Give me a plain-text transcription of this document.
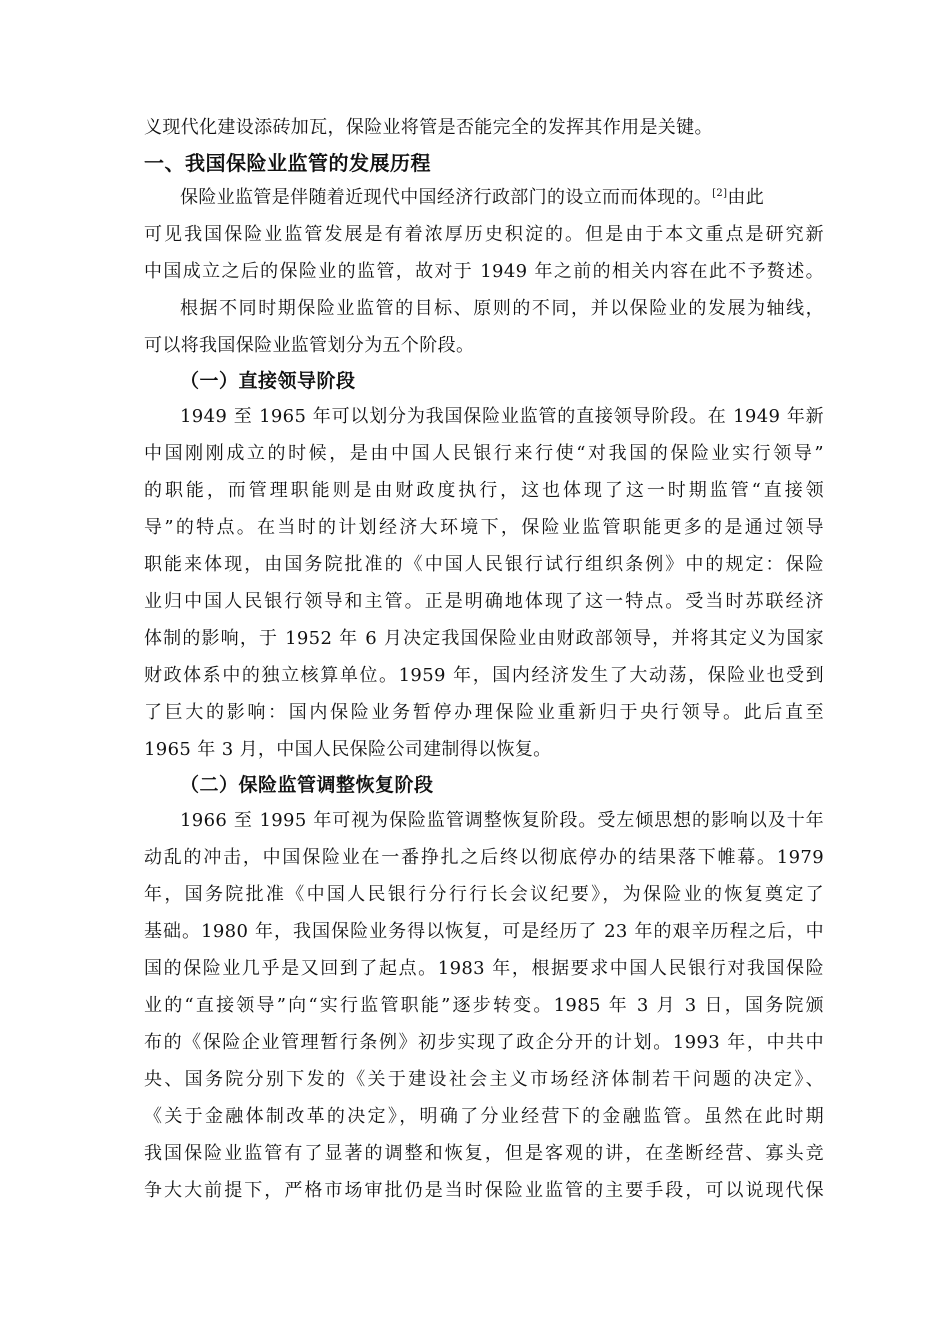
义现代化建设添砖加瓦，保险业将管是否能完全的发挥其作用是关键。
一、我国保险业监管的发展历程
保险业监管是伴随着近现代中国经济行政部门的设立而而体现的。[2]由此
可见我国保险业监管发展是有着浓厚历史积淀的。但是由于本文重点是研究新
中国成立之后的保险业的监管，故对于 1949 年之前的相关内容在此不予赘述。
根据不同时期保险业监管的目标、原则的不同，并以保险业的发展为轴线，
可以将我国保险业监管划分为五个阶段。
（一）直接领导阶段
1949 至 1965 年可以划分为我国保险业监管的直接领导阶段。在 1949 年新
中国刚刚成立的时候，是由中国人民银行来行使“对我国的保险业实行领导”
的职能，而管理职能则是由财政度执行，这也体现了这一时期监管“直接领
导”的特点。在当时的计划经济大环境下，保险业监管职能更多的是通过领导
职能来体现，由国务院批准的《中国人民银行试行组织条例》中的规定：保险
业归中国人民银行领导和主管。正是明确地体现了这一特点。受当时苏联经济
体制的影响，于 1952 年 6 月决定我国保险业由财政部领导，并将其定义为国家
财政体系中的独立核算单位。1959 年，国内经济发生了大动荡，保险业也受到
了巨大的影响：国内保险业务暂停办理保险业重新归于央行领导。此后直至
1965 年 3 月，中国人民保险公司建制得以恢复。
（二）保险监管调整恢复阶段
1966 至 1995 年可视为保险监管调整恢复阶段。受左倾思想的影响以及十年
动乱的冲击，中国保险业在一番挣扎之后终以彻底停办的结果落下帷幕。1979
年，国务院批准《中国人民银行分行行长会议纪要》，为保险业的恢复奠定了
基础。1980 年，我国保险业务得以恢复，可是经历了 23 年的艰辛历程之后，中
国的保险业几乎是又回到了起点。1983 年，根据要求中国人民银行对我国保险
业的“直接领导”向“实行监管职能”逐步转变。1985 年 3 月 3 日，国务院颁
布的《保险企业管理暂行条例》初步实现了政企分开的计划。1993 年，中共中
央、国务院分别下发的《关于建设社会主义市场经济体制若干问题的决定》、
《关于金融体制改革的决定》，明确了分业经营下的金融监管。虽然在此时期
我国保险业监管有了显著的调整和恢复，但是客观的讲，在垄断经营、寡头竞
争大大前提下，严格市场审批仍是当时保险业监管的主要手段，可以说现代保
